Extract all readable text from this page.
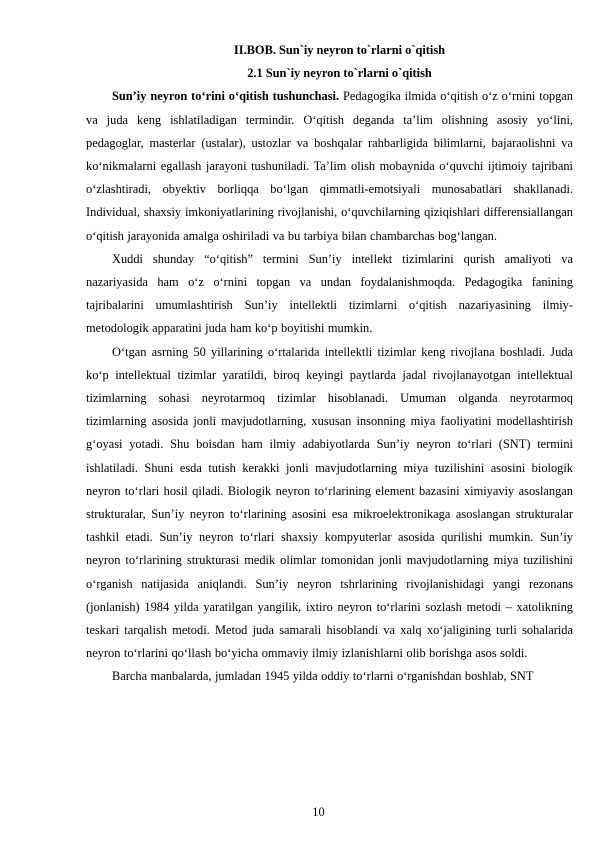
II.BOB. Sun`iy neyron to`rlarni o`qitish
2.1 Sun`iy neyron to`rlarni o`qitish

Sun’iy neyron to‘rini o‘qitish tushunchasi. Pedagogika ilmida o‘qitish o‘z o‘rnini topgan va juda keng ishlatiladigan termindir. O‘qitish deganda ta’lim olishning asosiy yo‘lini, pedagoglar, masterlar (ustalar), ustozlar va boshqalar rahbarligida bilimlarni, bajaraolishni va ko‘nikmalarni egallash jarayoni tushuniladi. Ta’lim olish mobaynida o‘quvchi ijtimoiy tajribani o‘zlashtiradi, obyektiv borliqqa bo‘lgan qimmatli-emotsiyali munosabatlari shakllanadi. Individual, shaxsiy imkoniyatlarining rivojlanishi, o‘quvchilarning qiziqishlari differensiallangan o‘qitish jarayonida amalga oshiriladi va bu tarbiya bilan chambarchas bog‘langan.

Xuddi shunday “o‘qitish” termini Sun’iy intellekt tizimlarini qurish amaliyoti va nazariyasida ham o‘z o‘rnini topgan va undan foydalanishmoqda. Pedagogika fanining tajribalarini umumlashtirish Sun’iy intellektli tizimlarni o‘qitish nazariyasining ilmiy-metodologik apparatini juda ham ko‘p boyitishi mumkin.

O‘tgan asrning 50 yillarining o‘rtalarida intellektli tizimlar keng rivojlana boshladi. Juda ko‘p intellektual tizimlar yaratildi, biroq keyingi paytlarda jadal rivojlanayotgan intellektual tizimlarning sohasi neyrotarmoq tizimlar hisoblanadi. Umuman olganda neyrotarmoq tizimlarning asosida jonli mavjudotlarning, xususan insonning miya faoliyatini modellashtirish g‘oyasi yotadi. Shu boisdan ham ilmiy adabiyotlarda Sun’iy neyron to‘rlari (SNT) termini ishlatiladi. Shuni esda tutish kerakki jonli mavjudotlarning miya tuzilishini asosini biologik neyron to‘rlari hosil qiladi. Biologik neyron to‘rlarining element bazasini ximiyaviy asoslangan strukturalar, Sun’iy neyron to‘rlarining asosini esa mikroelektronikaga asoslangan strukturalar tashkil etadi. Sun’iy neyron to‘rlari shaxsiy kompyuterlar asosida qurilishi mumkin. Sun’iy neyron to‘rlarining strukturasi medik olimlar tomonidan jonli mavjudotlarning miya tuzilishini o‘rganish natijasida aniqlandi. Sun’iy neyron tshrlarining rivojlanishidagi yangi rezonans (jonlanish) 1984 yilda yaratilgan yangilik, ixtiro neyron to‘rlarini sozlash metodi – xatolikning teskari tarqalish metodi. Metod juda samarali hisoblandi va xalq xo‘jaligining turli sohalarida neyron to‘rlarini qo‘llash bo‘yicha ommaviy ilmiy izlanishlarni olib borishga asos soldi.

Barcha manbalarda, jumladan 1945 yilda oddiy to‘rlarni o‘rganishdan boshlab, SNT

10
